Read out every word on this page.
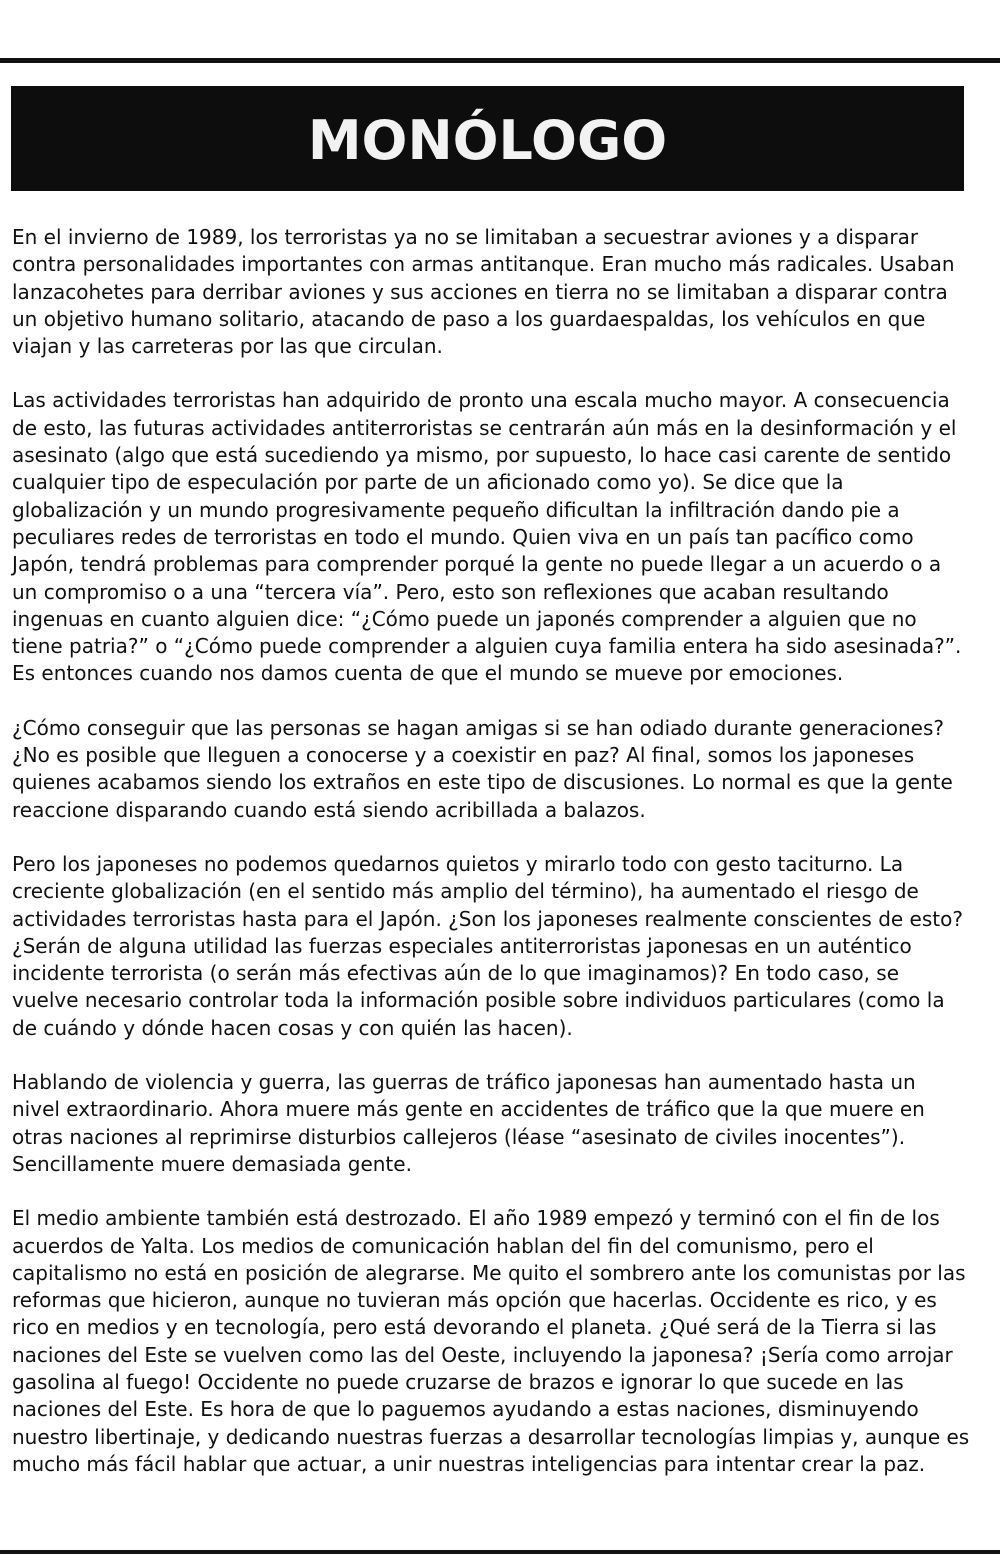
MONÓLOGO

En el invierno de 1989, los terroristas ya no se limitaban a secuestrar aviones y a disparar contra personalidades importantes con armas antitanque. Eran mucho más radicales. Usaban lanzacohetes para derribar aviones y sus acciones en tierra no se limitaban a disparar contra un objetivo humano solitario, atacando de paso a los guardaespaldas, los vehículos en que viajan y las carreteras por las que circulan.

Las actividades terroristas han adquirido de pronto una escala mucho mayor. A consecuencia de esto, las futuras actividades antiterroristas se centrarán aún más en la desinformación y el asesinato (algo que está sucediendo ya mismo, por supuesto, lo hace casi carente de sentido cualquier tipo de especulación por parte de un aficionado como yo). Se dice que la globalización y un mundo progresivamente pequeño dificultan la infiltración dando pie a peculiares redes de terroristas en todo el mundo. Quien viva en un país tan pacífico como Japón, tendrá problemas para comprender porqué la gente no puede llegar a un acuerdo o a un compromiso o a una “tercera vía”. Pero, esto son reflexiones que acaban resultando ingenuas en cuanto alguien dice: “¿Cómo puede un japonés comprender a alguien que no tiene patria?” o “¿Cómo puede comprender a alguien cuya familia entera ha sido asesinada?”. Es entonces cuando nos damos cuenta de que el mundo se mueve por emociones.

¿Cómo conseguir que las personas se hagan amigas si se han odiado durante generaciones? ¿No es posible que lleguen a conocerse y a coexistir en paz? Al final, somos los japoneses quienes acabamos siendo los extraños en este tipo de discusiones. Lo normal es que la gente reaccione disparando cuando está siendo acribillada a balazos.

Pero los japoneses no podemos quedarnos quietos y mirarlo todo con gesto taciturno. La creciente globalización (en el sentido más amplio del término), ha aumentado el riesgo de actividades terroristas hasta para el Japón. ¿Son los japoneses realmente conscientes de esto? ¿Serán de alguna utilidad las fuerzas especiales antiterroristas japonesas en un auténtico incidente terrorista (o serán más efectivas aún de lo que imaginamos)? En todo caso, se vuelve necesario controlar toda la información posible sobre individuos particulares (como la de cuándo y dónde hacen cosas y con quién las hacen).

Hablando de violencia y guerra, las guerras de tráfico japonesas han aumentado hasta un nivel extraordinario. Ahora muere más gente en accidentes de tráfico que la que muere en otras naciones al reprimirse disturbios callejeros (léase “asesinato de civiles inocentes”). Sencillamente muere demasiada gente.

El medio ambiente también está destrozado. El año 1989 empezó y terminó con el fin de los acuerdos de Yalta. Los medios de comunicación hablan del fin del comunismo, pero el capitalismo no está en posición de alegrarse. Me quito el sombrero ante los comunistas por las reformas que hicieron, aunque no tuvieran más opción que hacerlas. Occidente es rico, y es rico en medios y en tecnología, pero está devorando el planeta. ¿Qué será de la Tierra si las naciones del Este se vuelven como las del Oeste, incluyendo la japonesa? ¡Sería como arrojar gasolina al fuego! Occidente no puede cruzarse de brazos e ignorar lo que sucede en las naciones del Este. Es hora de que lo paguemos ayudando a estas naciones, disminuyendo nuestro libertinaje, y dedicando nuestras fuerzas a desarrollar tecnologías limpias y, aunque es mucho más fácil hablar que actuar, a unir nuestras inteligencias para intentar crear la paz.
